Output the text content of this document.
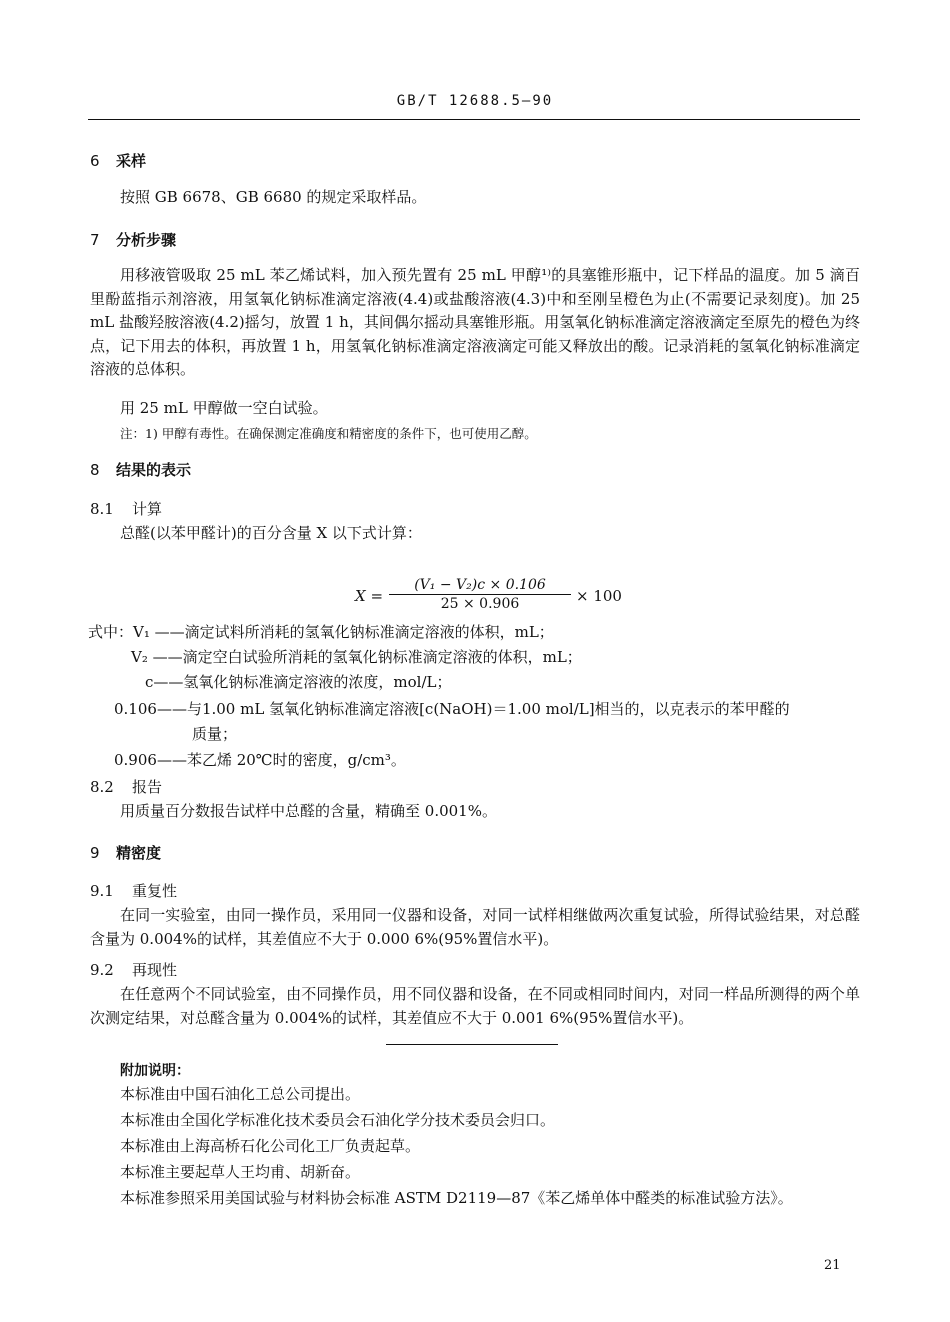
GB/T 12688.5—90
6 采样
按照 GB 6678、GB 6680 的规定采取样品。
7 分析步骤
用移液管吸取 25 mL 苯乙烯试料，加入预先置有 25 mL 甲醇¹⁾的具塞锥形瓶中，记下样品的温度。加 5 滴百里酚蓝指示剂溶液，用氢氧化钠标准滴定溶液(4.4)或盐酸溶液(4.3)中和至刚呈橙色为止(不需要记录刻度)。加 25 mL 盐酸羟胺溶液(4.2)摇匀，放置 1 h，其间偶尔摇动具塞锥形瓶。用氢氧化钠标准滴定溶液滴定至原先的橙色为终点，记下用去的体积，再放置 1 h，用氢氧化钠标准滴定溶液滴定可能又释放出的酸。记录消耗的氢氧化钠标准滴定溶液的总体积。
用 25 mL 甲醇做一空白试验。
注：1) 甲醇有毒性。在确保测定准确度和精密度的条件下，也可使用乙醇。
8 结果的表示
8.1 计算
总醛(以苯甲醛计)的百分含量 X 以下式计算：
$X = \frac{\text{(V₁ − V₂)c × 0.106}}{25 \times 0.906} \times 100$
式中：V₁ ——滴定试料所消耗的氢氧化钠标准滴定溶液的体积，mL；
V₂ ——滴定空白试验所消耗的氢氧化钠标准滴定溶液的体积，mL；
c——氢氧化钠标准滴定溶液的浓度，mol/L；
0.106——与1.00 mL 氢氧化钠标准滴定溶液[c(NaOH)＝1.00 mol/L]相当的，以克表示的苯甲醛的
质量；
0.906——苯乙烯 20℃时的密度，g/cm³。
8.2 报告
用质量百分数报告试样中总醛的含量，精确至 0.001%。
9 精密度
9.1 重复性
在同一实验室，由同一操作员，采用同一仪器和设备，对同一试样相继做两次重复试验，所得试验结果，对总醛含量为 0.004%的试样，其差值应不大于 0.000 6%(95%置信水平)。
9.2 再现性
在任意两个不同试验室，由不同操作员，用不同仪器和设备，在不同或相同时间内，对同一样品所测得的两个单次测定结果，对总醛含量为 0.004%的试样，其差值应不大于 0.001 6%(95%置信水平)。
附加说明：
本标准由中国石油化工总公司提出。
本标准由全国化学标准化技术委员会石油化学分技术委员会归口。
本标准由上海高桥石化公司化工厂负责起草。
本标准主要起草人王均甫、胡新奋。
本标准参照采用美国试验与材料协会标准 ASTM D2119—87《苯乙烯单体中醛类的标准试验方法》。
21
